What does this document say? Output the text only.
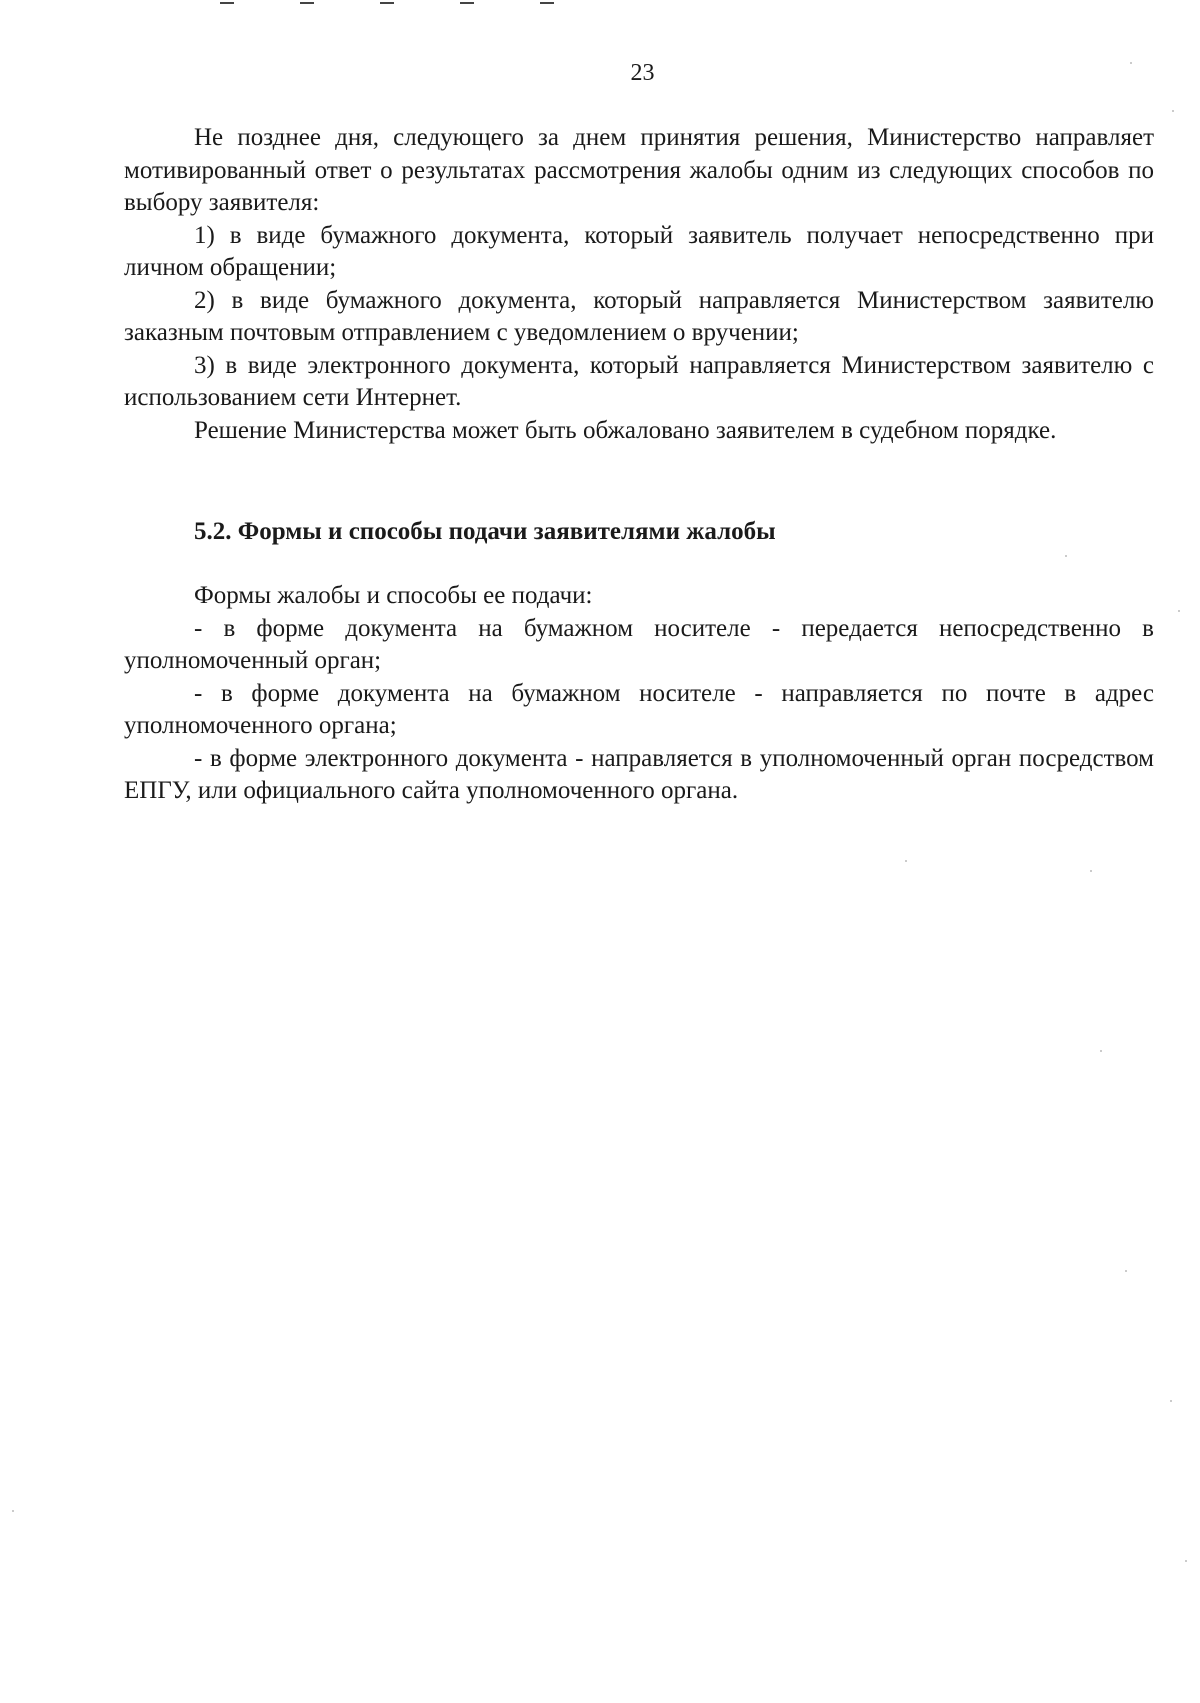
23

Не позднее дня, следующего за днем принятия решения, Министерство направляет мотивированный ответ о результатах рассмотрения жалобы одним из следующих способов по выбору заявителя:

1) в виде бумажного документа, который заявитель получает непосредственно при личном обращении;

2) в виде бумажного документа, который направляется Министерством заявителю заказным почтовым отправлением с уведомлением о вручении;

3) в виде электронного документа, который направляется Министерством заявителю с использованием сети Интернет.

Решение Министерства может быть обжаловано заявителем в судебном порядке.

5.2. Формы и способы подачи заявителями жалобы

Формы жалобы и способы ее подачи:

- в форме документа на бумажном носителе - передается непосредственно в уполномоченный орган;

- в форме документа на бумажном носителе - направляется по почте в адрес уполномоченного органа;

- в форме электронного документа - направляется в уполномоченный орган посредством ЕПГУ, или официального сайта уполномоченного органа.
